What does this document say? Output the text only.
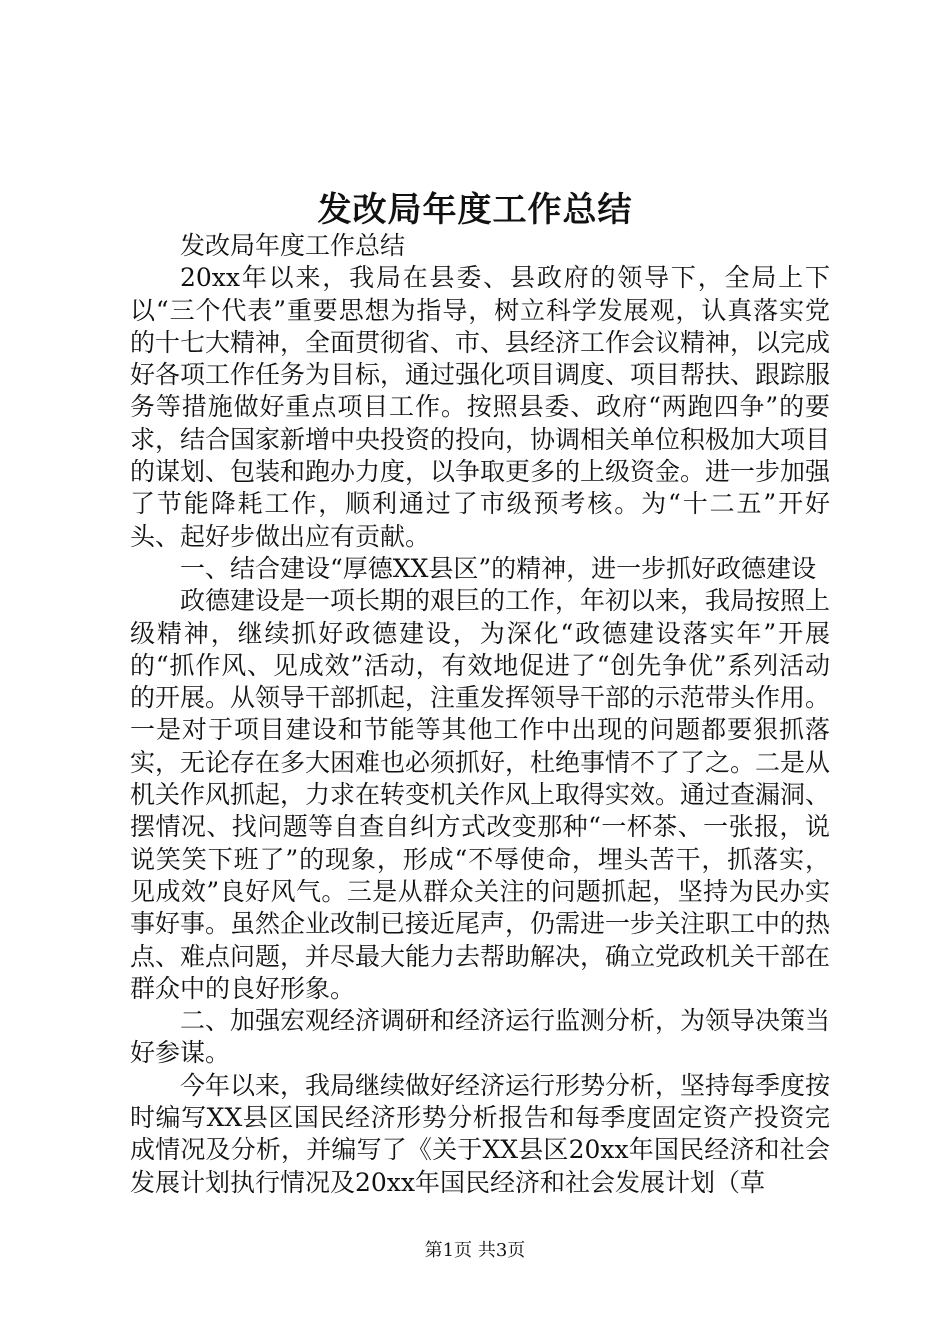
发改局年度工作总结

发改局年度工作总结

20xx年以来，我局在县委、县政府的领导下，全局上下以“三个代表”重要思想为指导，树立科学发展观，认真落实党的十七大精神，全面贯彻省、市、县经济工作会议精神，以完成好各项工作任务为目标，通过强化项目调度、项目帮扶、跟踪服务等措施做好重点项目工作。按照县委、政府“两跑四争”的要求，结合国家新增中央投资的投向，协调相关单位积极加大项目的谋划、包装和跑办力度，以争取更多的上级资金。进一步加强了节能降耗工作，顺利通过了市级预考核。为“十二五”开好头、起好步做出应有贡献。

一、结合建设“厚德XX县区”的精神，进一步抓好政德建设

政德建设是一项长期的艰巨的工作，年初以来，我局按照上级精神，继续抓好政德建设，为深化“政德建设落实年”开展的“抓作风、见成效”活动，有效地促进了“创先争优”系列活动的开展。从领导干部抓起，注重发挥领导干部的示范带头作用。一是对于项目建设和节能等其他工作中出现的问题都要狠抓落实，无论存在多大困难也必须抓好，杜绝事情不了了之。二是从机关作风抓起，力求在转变机关作风上取得实效。通过查漏洞、摆情况、找问题等自查自纠方式改变那种“一杯茶、一张报，说说笑笑下班了”的现象，形成“不辱使命，埋头苦干，抓落实，见成效”良好风气。三是从群众关注的问题抓起，坚持为民办实事好事。虽然企业改制已接近尾声，仍需进一步关注职工中的热点、难点问题，并尽最大能力去帮助解决，确立党政机关干部在群众中的良好形象。

二、加强宏观经济调研和经济运行监测分析，为领导决策当好参谋。

今年以来，我局继续做好经济运行形势分析，坚持每季度按时编写XX县区国民经济形势分析报告和每季度固定资产投资完成情况及分析，并编写了《关于XX县区20xx年国民经济和社会发展计划执行情况及20xx年国民经济和社会发展计划（草

第1页 共3页
